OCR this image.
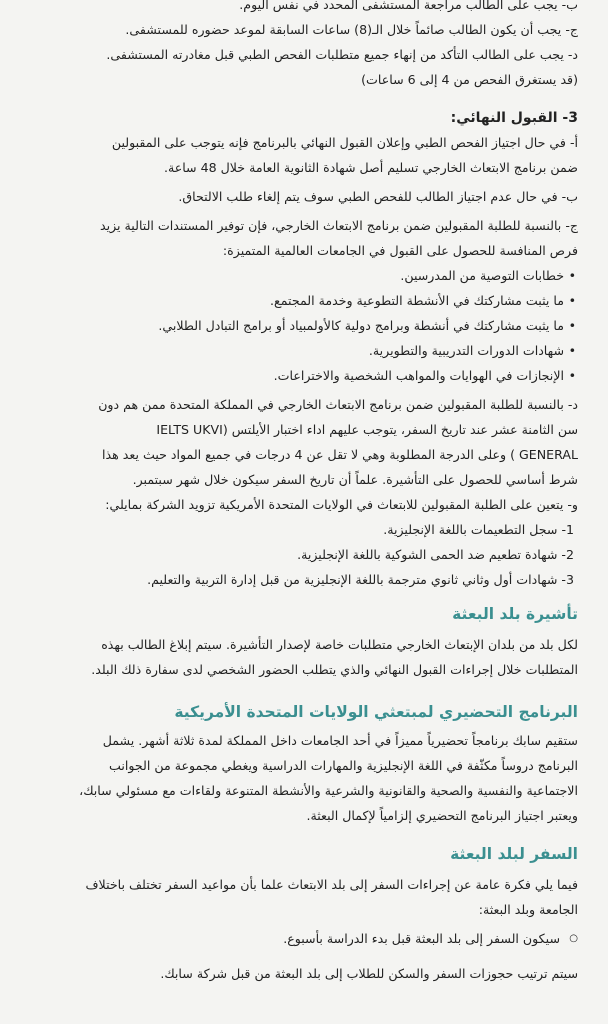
ب- يجب على الطالب مراجعة المستشفى المحدد في نفس اليوم.

ج- يجب أن يكون الطالب صائماً خلال الـ(8) ساعات السابقة لموعد حضوره للمستشفى.

د- يجب على الطالب التأكد من إنهاء جميع متطلبات الفحص الطبي قبل مغادرته المستشفى.

(قد يستغرق الفحص من 4 إلى 6 ساعات)

3- القبول النهائي:

أ- في حال اجتياز الفحص الطبي وإعلان القبول النهائي بالبرنامج فإنه يتوجب على المقبولين

ضمن برنامج الابتعاث الخارجي تسليم أصل شهادة الثانوية العامة خلال 48 ساعة.

ب- في حال عدم اجتياز الطالب للفحص الطبي سوف يتم إلغاء طلب الالتحاق.

ج- بالنسبة للطلبة المقبولين ضمن برنامج الابتعاث الخارجي، فإن توفير المستندات التالية يزيد

فرص المنافسة للحصول على القبول في الجامعات العالمية المتميزة:

• خطابات التوصية من المدرسين.
• ما يثبت مشاركتك في الأنشطة التطوعية وخدمة المجتمع.
• ما يثبت مشاركتك في أنشطة وبرامج دولية كالأولمبياد أو برامج التبادل الطلابي.
• شهادات الدورات التدريبية والتطويرية.
• الإنجازات في الهوايات والمواهب الشخصية والاختراعات.

د- بالنسبة للطلبة المقبولين ضمن برنامج الابتعاث الخارجي في المملكة المتحدة ممن هم دون

سن الثامنة عشر عند تاريخ السفر، يتوجب عليهم اداء اختبار الأيلتس (IELTS UKVI

GENERAL ) وعلى الدرجة المطلوبة وهي لا تقل عن 4 درجات في جميع المواد حيث يعد هذا

شرط أساسي للحصول على التأشيرة. علماً أن تاريخ السفر سيكون خلال شهر سبتمبر.

و- يتعين على الطلبة المقبولين للابتعاث في الولايات المتحدة الأمريكية تزويد الشركة بمايلي:

1- سجل التطعيمات باللغة الإنجليزية.
2- شهادة تطعيم ضد الحمى الشوكية باللغة الإنجليزية.
3- شهادات أول وثاني ثانوي مترجمة باللغة الإنجليزية من قبل إدارة التربية والتعليم.

تأشيرة بلد البعثة

لكل بلد من بلدان الإبتعاث الخارجي متطلبات خاصة لإصدار التأشيرة. سيتم إبلاغ الطالب بهذه

المتطلبات خلال إجراءات القبول النهائي والذي يتطلب الحضور الشخصي لدى سفارة ذلك البلد.

البرنامج التحضيري لمبتعثي الولايات المتحدة الأمريكية

ستقيم سابك برنامجاً تحضيرياً مميزاً في أحد الجامعات داخل المملكة لمدة ثلاثة أشهر. يشمل

البرنامج دروساً مكثّفة في اللغة الإنجليزية والمهارات الدراسية ويغطي مجموعة من الجوانب

الاجتماعية والنفسية والصحية والقانونية والشرعية والأنشطة المتنوعة ولقاءات مع مسئولي سابك،

ويعتبر اجتياز البرنامج التحضيري إلزامياً لإكمال البعثة.

السفر لبلد البعثة

فيما يلي فكرة عامة عن إجراءات السفر إلى بلد الابتعاث علما بأن مواعيد السفر تختلف باختلاف

الجامعة وبلد البعثة:

○ سيكون السفر إلى بلد البعثة قبل بدء الدراسة بأسبوع.

سيتم ترتيب حجوزات السفر والسكن للطلاب إلى بلد البعثة من قبل شركة سابك.
